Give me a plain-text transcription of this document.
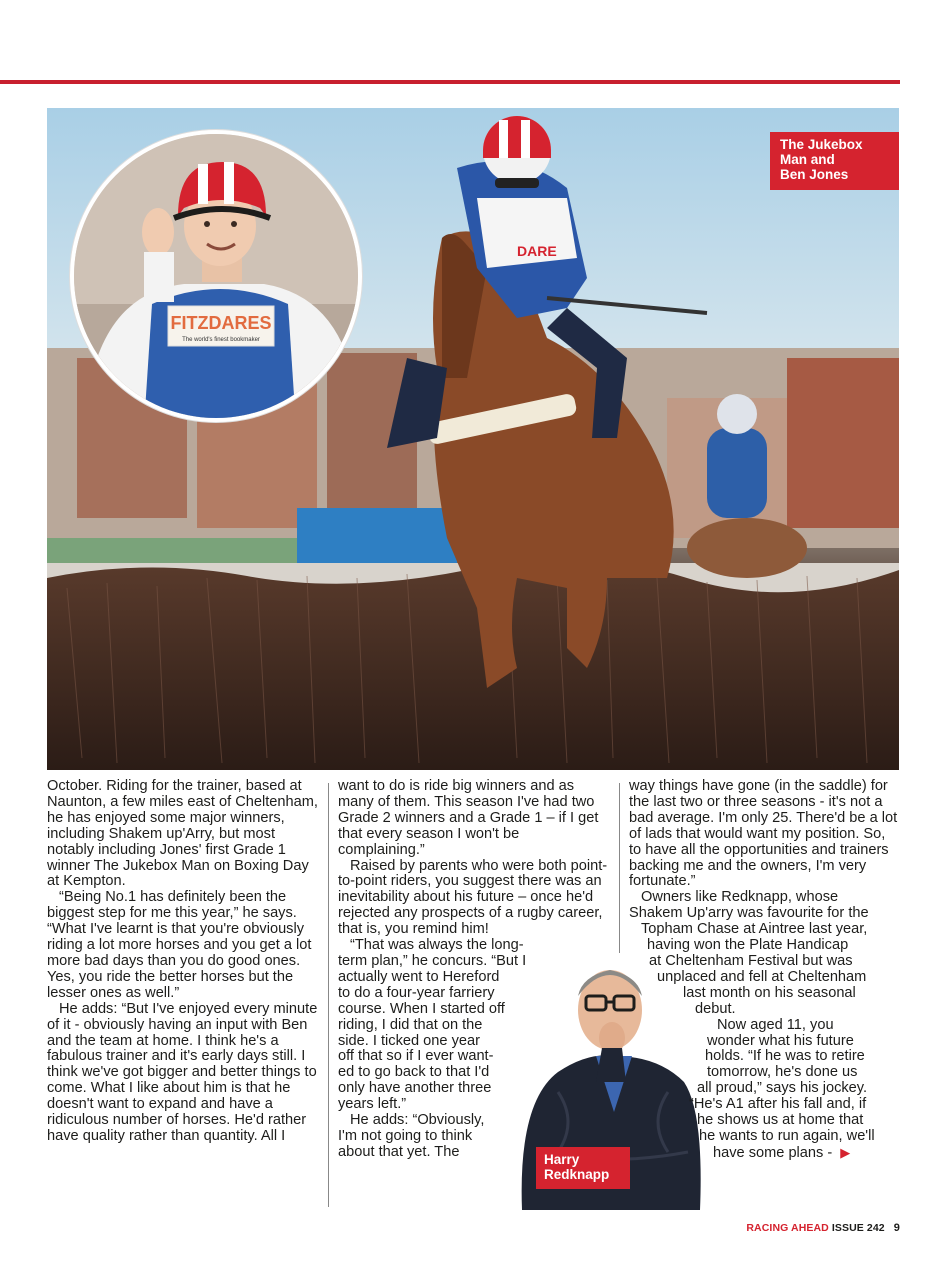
DARE
The Jukebox
Man and
Ben Jones
FITZDARES
The world's finest bookmaker

October. Riding for the trainer, based at Naunton, a few miles east of Cheltenham, he has enjoyed some major winners, including Shakem up'Arry, but most notably including Jones' first Grade 1 winner The Jukebox Man on Boxing Day at Kempton.

“Being No.1 has definitely been the biggest step for me this year,” he says. “What I've learnt is that you're obviously riding a lot more horses and you get a lot more bad days than you do good ones. Yes, you ride the better horses but the lesser ones as well.”

He adds: “But I've enjoyed every minute of it - obviously having an input with Ben and the team at home. I think he's a fabulous trainer and it's early days still. I think we've got bigger and better things to come. What I like about him is that he doesn't want to expand and have a ridiculous number of horses. He'd rather have quality rather than quantity. All I

want to do is ride big winners and as many of them. This season I've had two Grade 2 winners and a Grade 1 – if I get that every season I won't be complaining.”

Raised by parents who were both point-to-point riders, you suggest there was an inevitability about his future – once he'd rejected any prospects of a rugby career, that is, you remind him!

“That was always the long-
term plan,” he concurs. “But I
actually went to Hereford
to do a four-year farriery
course. When I started off
riding, I did that on the
side. I ticked one year
off that so if I ever want-
ed to go back to that I'd
only have another three
years left.”
He adds: “Obviously,
I'm not going to think
about that yet. The	Harry
Redknapp

way things have gone (in the saddle) for the last two or three seasons - it's not a bad average. I'm only 25. There'd be a lot of lads that would want my position. So, to have all the opportunities and trainers backing me and the owners, I'm very fortunate.”

Owners like Redknapp, whose
Shakem Up'arry was favourite for the
Topham Chase at Aintree last year,
having won the Plate Handicap
at Cheltenham Festival but was
unplaced and fell at Cheltenham
last month on his seasonal
debut.
Now aged 11, you
wonder what his future
holds. “If he was to retire
tomorrow, he's done us
all proud,” says his jockey.
“He's A1 after his fall and, if
he shows us at home that
he wants to run again, we'll
have some plans - ▶
RACING AHEAD ISSUE 242 9
